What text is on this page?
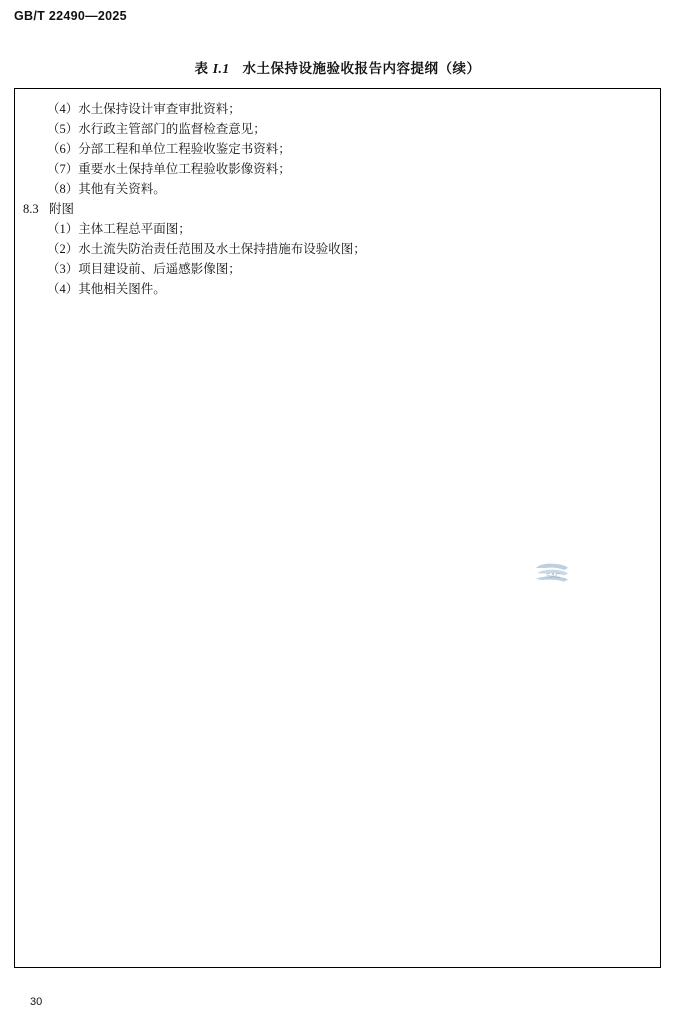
GB/T 22490—2025
表 I.1 水土保持设施验收报告内容提纲（续）
（4）水土保持设计审查审批资料；
（5）水行政主管部门的监督检查意见；
（6）分部工程和单位工程验收鉴定书资料；
（7）重要水土保持单位工程验收影像资料；
（8）其他有关资料。
8.3 附图
（1）主体工程总平面图；
（2）水土流失防治责任范围及水土保持措施布设验收图；
（3）项目建设前、后遥感影像图；
（4）其他相关图件。
SAC
30
